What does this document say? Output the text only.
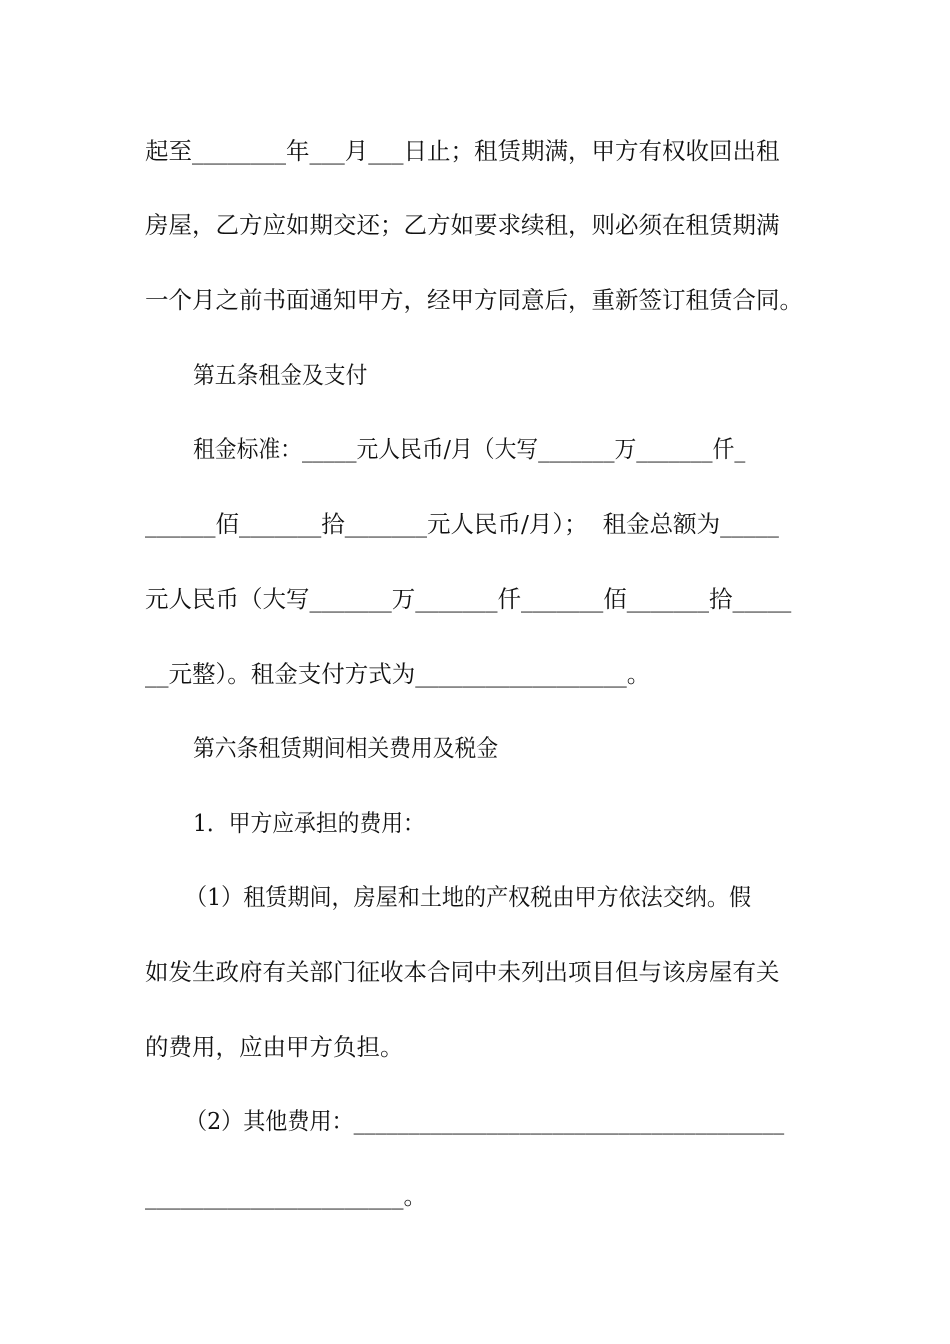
起至________年___月___日止；租赁期满，甲方有权收回出租
房屋，乙方应如期交还；乙方如要求续租，则必须在租赁期满
一个月之前书面通知甲方，经甲方同意后，重新签订租赁合同。
第五条租金及支付
租金标准：_____元人民币/月（大写_______万_______仟_
______佰_______拾_______元人民币/月）；  租金总额为_____
元人民币（大写_______万_______仟_______佰_______拾_____
__元整）。租金支付方式为__________________。
第六条租赁期间相关费用及税金
1．甲方应承担的费用：
（1）租赁期间，房屋和土地的产权税由甲方依法交纳。假
如发生政府有关部门征收本合同中未列出项目但与该房屋有关
的费用，应由甲方负担。
（2）其他费用：_______________________________________
______________________。
